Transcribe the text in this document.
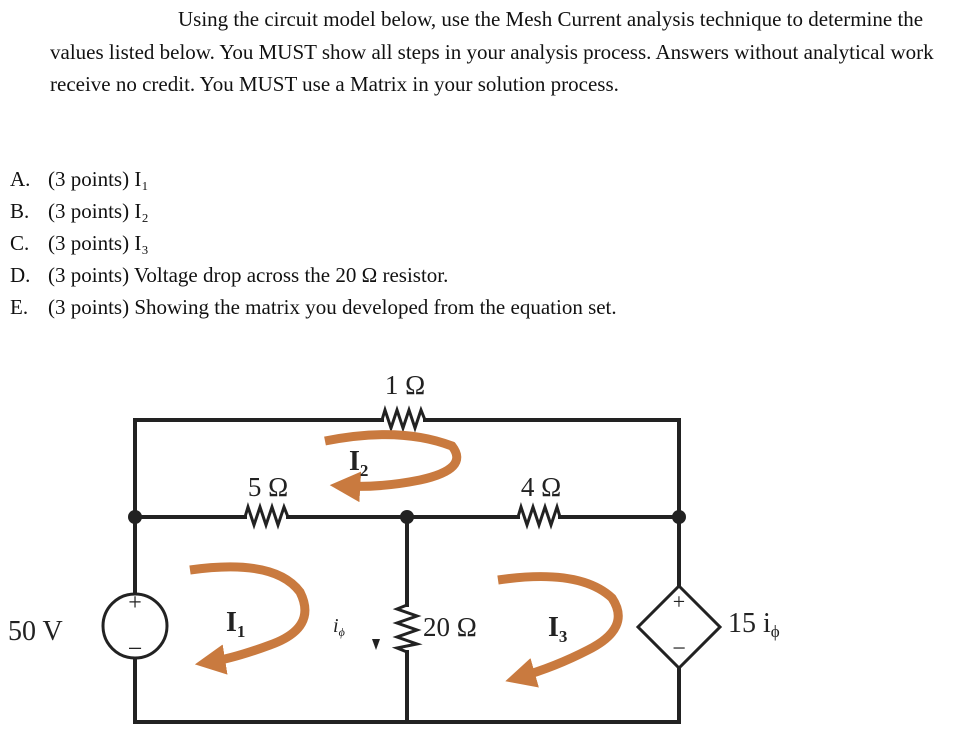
Using the circuit model below, use the Mesh Current analysis technique to determine the values listed below. You MUST show all steps in your analysis process. Answers without analytical work receive no credit. You MUST use a Matrix in your solution process.

A. (3 points) I₁
B. (3 points) I₂
C. (3 points) I₃
D. (3 points) Voltage drop across the 20 Ω resistor.
E. (3 points) Showing the matrix you developed from the equation set.
+
−
+
−
1 Ω
5 Ω	4 Ω
20 Ω
50 V	15 iϕ
$I_2$
$I_1$	$I_3$
$i_\phi$
